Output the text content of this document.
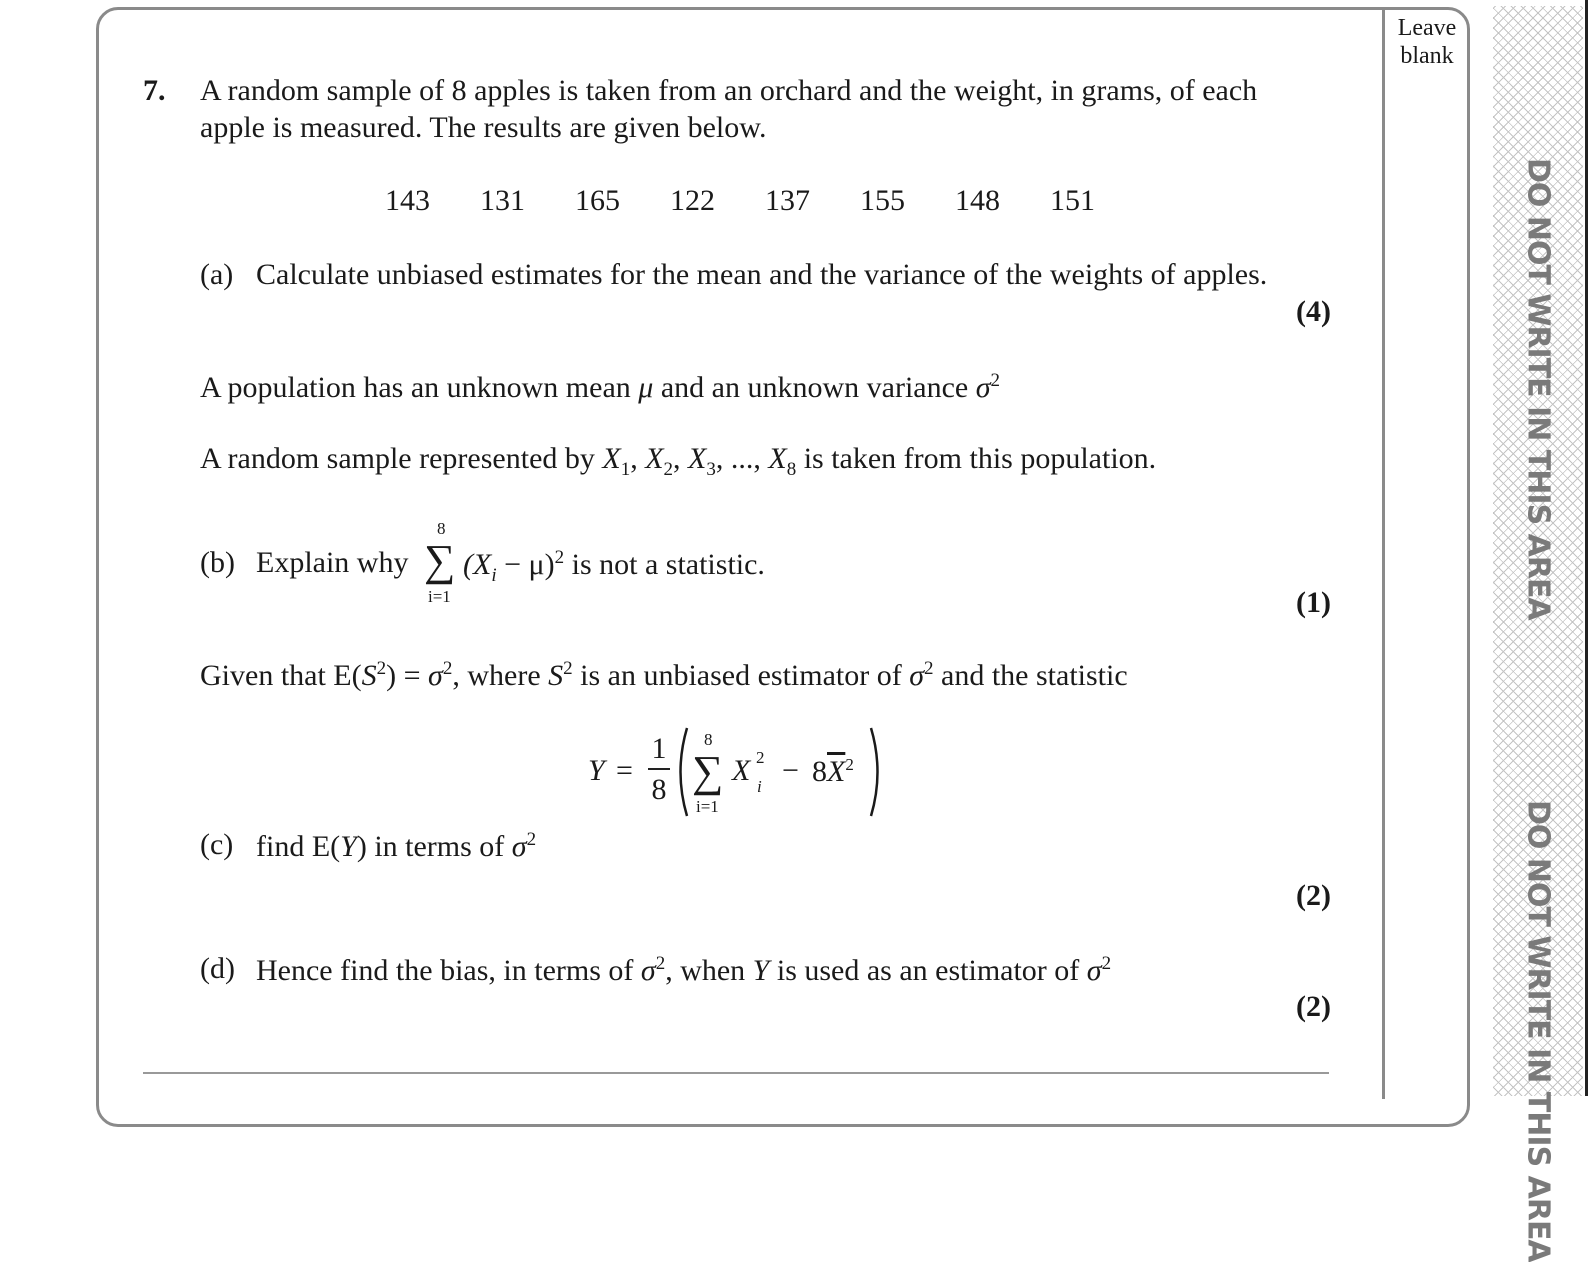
Leave blank
DO NOT WRITE IN THIS AREA
DO NOT WRITE IN THIS AREA
7. A random sample of 8 apples is taken from an orchard and the weight, in grams, of each
apple is measured. The results are given below.
143 131 165 122 137 155 148 151
(a) Calculate unbiased estimates for the mean and the variance of the weights of apples.
(4)
A population has an unknown mean μ and an unknown variance $\sigma^2$
A random sample represented by $X_1$, $X_2$, $X_3$, ..., $X_8$ is taken from this population.
(b) Explain why
8
∑
i=1
$(X_i - \mu)^2$ is not a statistic.
(1)
Given that $E(S^2) = \sigma^2$, where $S^2$ is an unbiased estimator of $\sigma^2$ and the statistic
Y =
1
8
8
∑
i=1
X 2
$i - 8\overline{X}^2$
(c) find E(Y) in terms of $\sigma^2$
(2)
(d) Hence find the bias, in terms of $\sigma^2$, when Y is used as an estimator of $\sigma^2$
(2)
